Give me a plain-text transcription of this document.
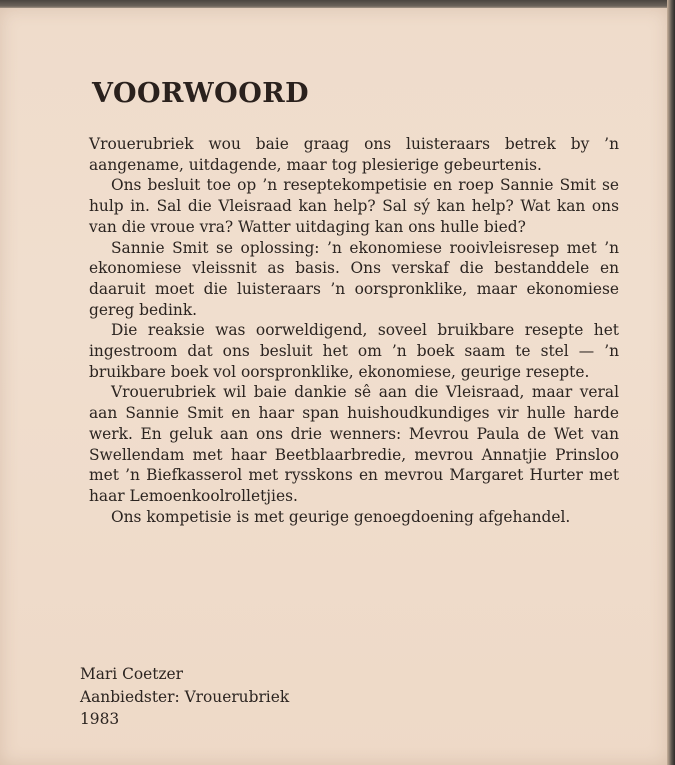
VOORWOORD

Vrouerubriek wou baie graag ons luisteraars betrek by ’n aangename, uitdagende, maar tog plesierige gebeurtenis.

Ons besluit toe op ’n reseptekompetisie en roep Sannie Smit se hulp in. Sal die Vleisraad kan help? Sal sý kan help? Wat kan ons van die vroue vra? Watter uitdaging kan ons hulle bied?

Sannie Smit se oplossing: ’n ekonomiese rooivleisresep met ’n ekonomiese vleissnit as basis. Ons verskaf die bestanddele en daaruit moet die luisteraars ’n oorspronklike, maar ekonomiese gereg bedink.

Die reaksie was oorweldigend, soveel bruikbare resepte het ingestroom dat ons besluit het om ’n boek saam te stel — ’n bruikbare boek vol oorspronklike, ekonomiese, geurige resepte.

Vrouerubriek wil baie dankie sê aan die Vleisraad, maar veral aan Sannie Smit en haar span huishoudkundiges vir hulle harde werk. En geluk aan ons drie wenners: Mevrou Paula de Wet van Swellendam met haar Beetblaarbredie, mevrou Annatjie Prinsloo met ’n Biefkasserol met rysskons en mevrou Margaret Hurter met haar Lemoenkoolrolletjies.

Ons kompetisie is met geurige genoegdoening afgehandel.

Mari Coetzer
Aanbiedster: Vrouerubriek
1983
